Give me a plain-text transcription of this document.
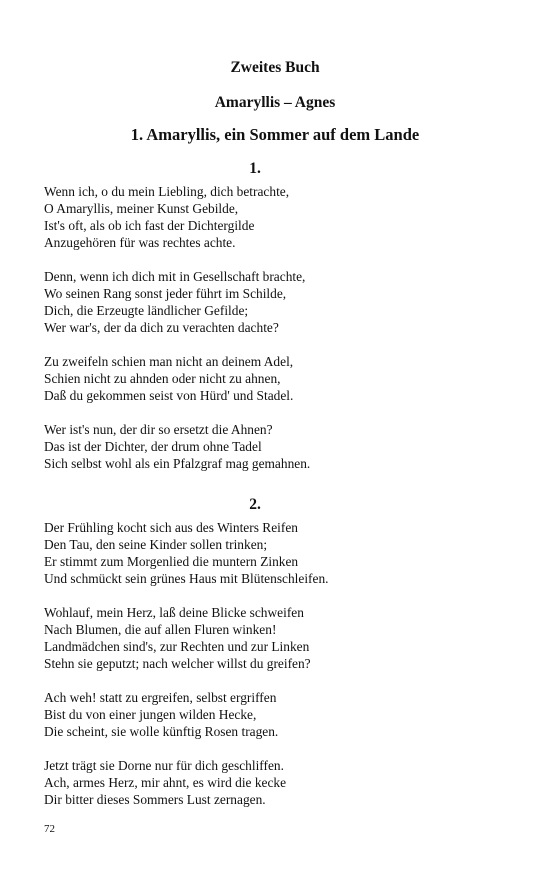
Zweites Buch
Amaryllis – Agnes
1. Amaryllis, ein Sommer auf dem Lande
1.
Wenn ich, o du mein Liebling, dich betrachte,
O Amaryllis, meiner Kunst Gebilde,
Ist's oft, als ob ich fast der Dichtergilde
Anzugehören für was rechtes achte.
Denn, wenn ich dich mit in Gesellschaft brachte,
Wo seinen Rang sonst jeder führt im Schilde,
Dich, die Erzeugte ländlicher Gefilde;
Wer war's, der da dich zu verachten dachte?
Zu zweifeln schien man nicht an deinem Adel,
Schien nicht zu ahnden oder nicht zu ahnen,
Daß du gekommen seist von Hürd' und Stadel.
Wer ist's nun, der dir so ersetzt die Ahnen?
Das ist der Dichter, der drum ohne Tadel
Sich selbst wohl als ein Pfalzgraf mag gemahnen.
2.
Der Frühling kocht sich aus des Winters Reifen
Den Tau, den seine Kinder sollen trinken;
Er stimmt zum Morgenlied die muntern Zinken
Und schmückt sein grünes Haus mit Blütenschleifen.
Wohlauf, mein Herz, laß deine Blicke schweifen
Nach Blumen, die auf allen Fluren winken!
Landmädchen sind's, zur Rechten und zur Linken
Stehn sie geputzt; nach welcher willst du greifen?
Ach weh! statt zu ergreifen, selbst ergriffen
Bist du von einer jungen wilden Hecke,
Die scheint, sie wolle künftig Rosen tragen.
Jetzt trägt sie Dorne nur für dich geschliffen.
Ach, armes Herz, mir ahnt, es wird die kecke
Dir bitter dieses Sommers Lust zernagen.
72
